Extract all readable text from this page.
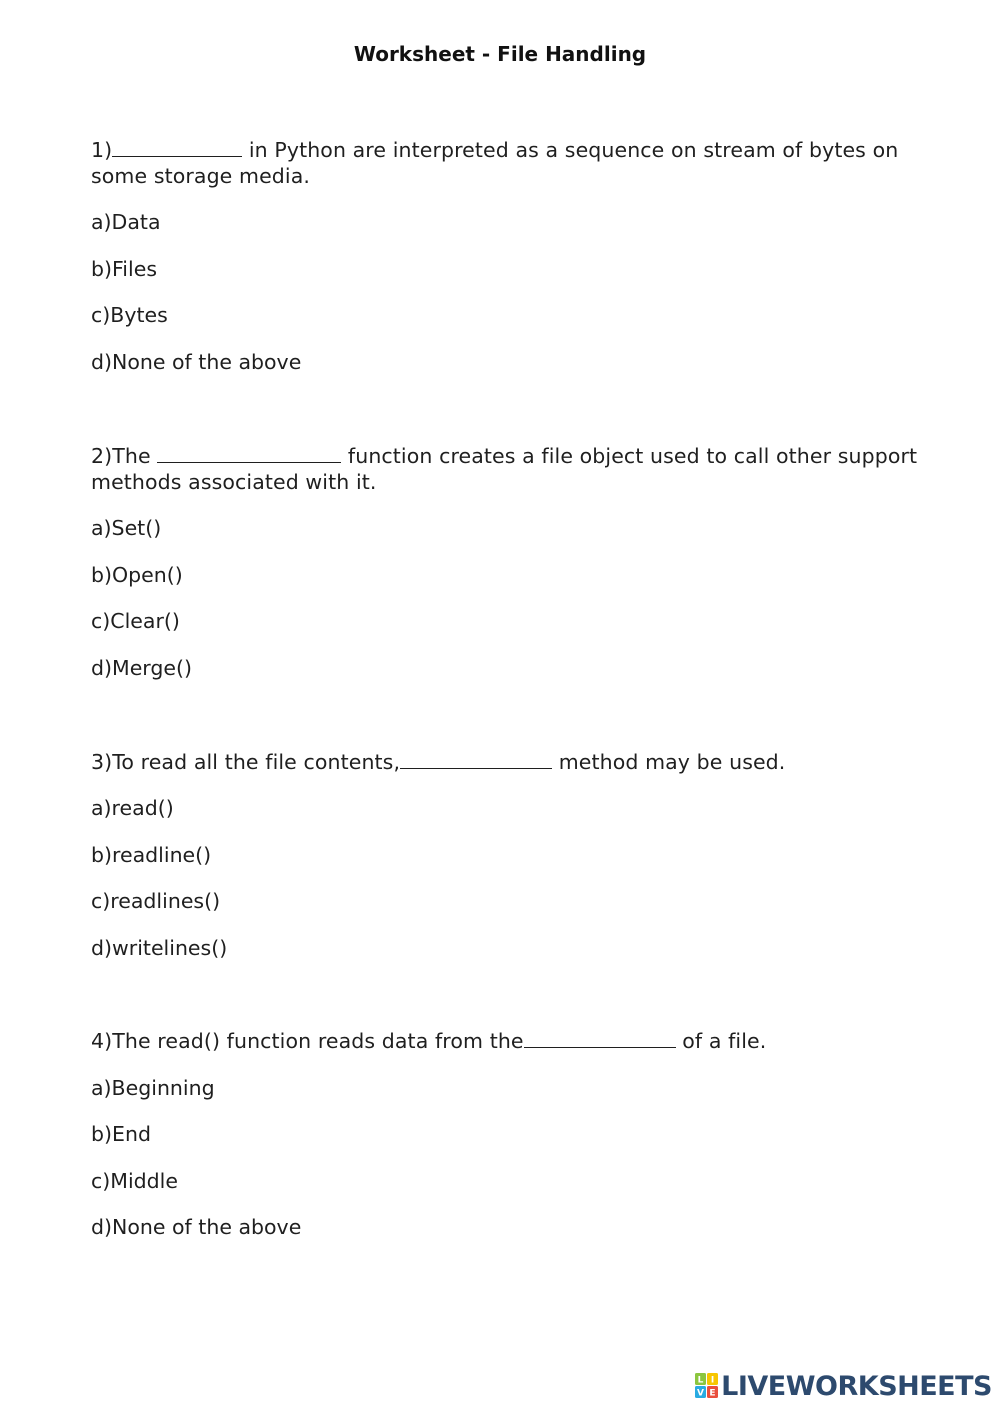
Worksheet - File Handling
1)	in Python are interpreted as a sequence on stream of bytes on some storage media.
a)Data
b)Files
c)Bytes
d)None of the above
2)The	function creates a file object used to call other support methods associated with it.
a)Set()
b)Open()
c)Clear()
d)Merge()
3)To read all the file contents,	method may be used.
a)read()
b)readline()
c)readlines()
d)writelines()
4)The read() function reads data from the	of a file.
a)Beginning
b)End
c)Middle
d)None of the above
L I
V E LIVEWORKSHEETS
